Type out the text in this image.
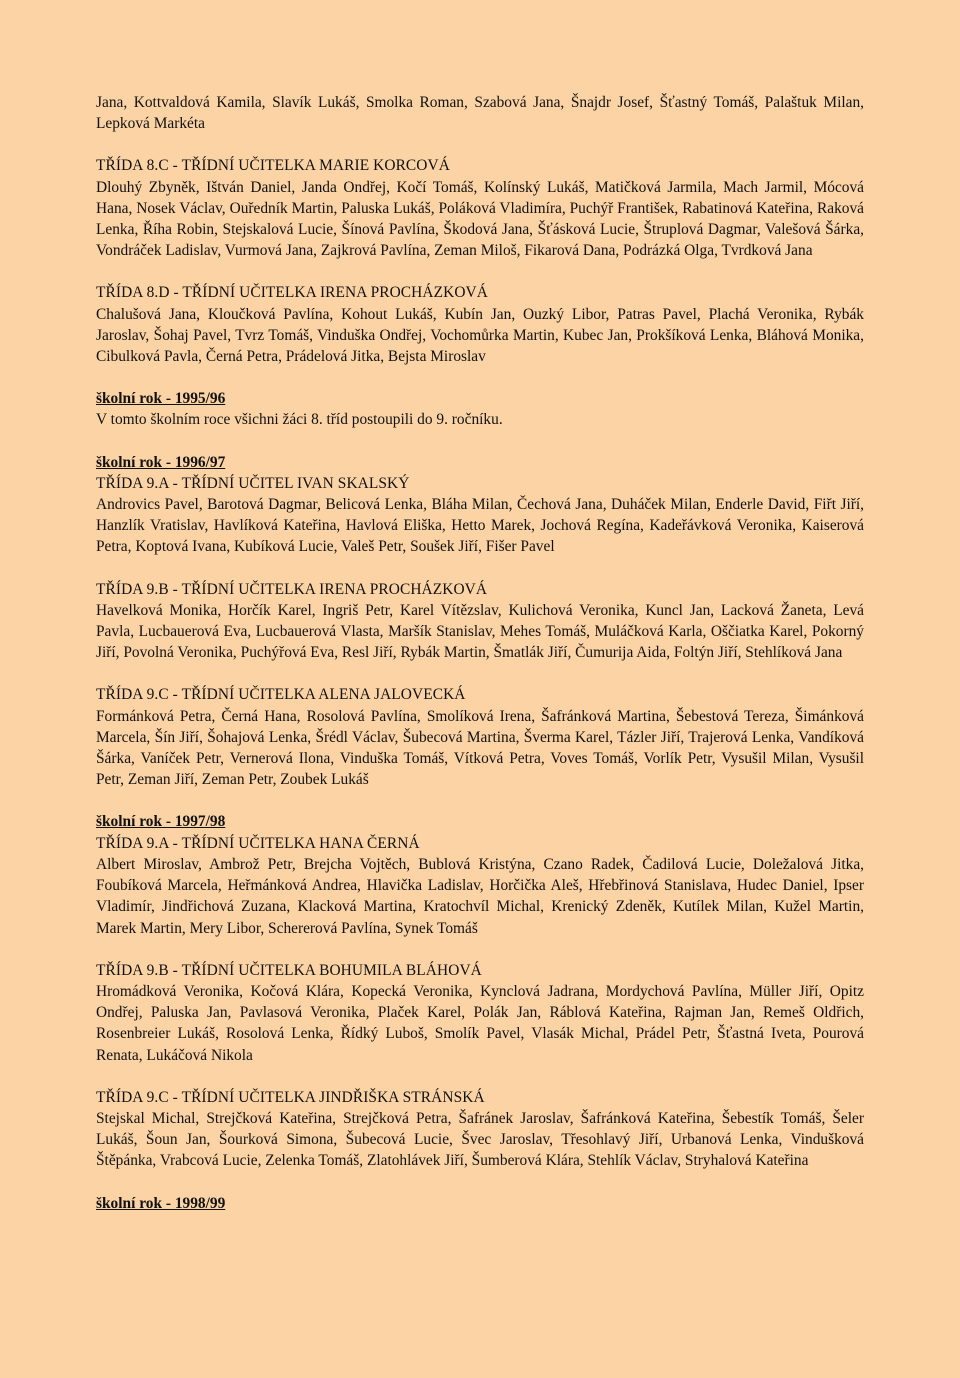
Jana, Kottvaldová Kamila, Slavík Lukáš, Smolka Roman, Szabová Jana, Šnajdr Josef, Šťastný Tomáš, Palaštuk Milan, Lepková Markéta

TŘÍDA 8.C - TŘÍDNÍ UČITELKA MARIE KORCOVÁ

Dlouhý Zbyněk, Ištván Daniel, Janda Ondřej, Kočí Tomáš, Kolínský Lukáš, Matičková Jarmila, Mach Jarmil, Mócová Hana, Nosek Václav, Ouředník Martin, Paluska Lukáš, Poláková Vladimíra, Puchýř František, Rabatinová Kateřina, Raková Lenka, Říha Robin, Stejskalová Lucie, Šínová Pavlína, Škodová Jana, Šťásková Lucie, Štruplová Dagmar, Valešová Šárka, Vondráček Ladislav, Vurmová Jana, Zajkrová Pavlína, Zeman Miloš, Fikarová Dana, Podrázká Olga, Tvrdková Jana

TŘÍDA 8.D - TŘÍDNÍ UČITELKA IRENA PROCHÁZKOVÁ

Chalušová Jana, Kloučková Pavlína, Kohout Lukáš, Kubín Jan, Ouzký Libor, Patras Pavel, Plachá Veronika, Rybák Jaroslav, Šohaj Pavel, Tvrz Tomáš, Vinduška Ondřej, Vochomůrka Martin, Kubec Jan, Prokšíková Lenka, Bláhová Monika, Cibulková Pavla, Černá Petra, Prádelová Jitka, Bejsta Miroslav

školní rok - 1995/96

V tomto školním roce všichni žáci 8. tříd postoupili do 9. ročníku.

školní rok - 1996/97

TŘÍDA 9.A - TŘÍDNÍ UČITEL IVAN SKALSKÝ

Androvics Pavel, Barotová Dagmar, Belicová Lenka, Bláha Milan, Čechová Jana, Duháček Milan, Enderle David, Fiřt Jiří, Hanzlík Vratislav, Havlíková Kateřina, Havlová Eliška, Hetto Marek, Jochová Regína, Kadeřávková Veronika, Kaiserová Petra, Koptová Ivana, Kubíková Lucie, Valeš Petr, Soušek Jiří, Fišer Pavel

TŘÍDA 9.B - TŘÍDNÍ UČITELKA IRENA PROCHÁZKOVÁ

Havelková Monika, Horčík Karel, Ingriš Petr, Karel Vítězslav, Kulichová Veronika, Kuncl Jan, Lacková Žaneta, Levá Pavla, Lucbauerová Eva, Lucbauerová Vlasta, Maršík Stanislav, Mehes Tomáš, Muláčková Karla, Oščiatka Karel, Pokorný Jiří, Povolná Veronika, Puchýřová Eva, Resl Jiří, Rybák Martin, Šmatlák Jiří, Čumurija Aida, Foltýn Jiří, Stehlíková Jana

TŘÍDA 9.C - TŘÍDNÍ UČITELKA ALENA JALOVECKÁ

Formánková Petra, Černá Hana, Rosolová Pavlína, Smolíková Irena, Šafránková Martina, Šebestová Tereza, Šimánková Marcela, Šín Jiří, Šohajová Lenka, Šrédl Václav, Šubecová Martina, Šverma Karel, Tázler Jiří, Trajerová Lenka, Vandíková Šárka, Vaníček Petr, Vernerová Ilona, Vinduška Tomáš, Vítková Petra, Voves Tomáš, Vorlík Petr, Vysušil Milan, Vysušil Petr, Zeman Jiří, Zeman Petr, Zoubek Lukáš

školní rok - 1997/98

TŘÍDA 9.A - TŘÍDNÍ UČITELKA HANA ČERNÁ

Albert Miroslav, Ambrož Petr, Brejcha Vojtěch, Bublová Kristýna, Czano Radek, Čadilová Lucie, Doležalová Jitka, Foubíková Marcela, Heřmánková Andrea, Hlavička Ladislav, Horčička Aleš, Hřebřinová Stanislava, Hudec Daniel, Ipser Vladimír, Jindřichová Zuzana, Klacková Martina, Kratochvíl Michal, Krenický Zdeněk, Kutílek Milan, Kužel Martin, Marek Martin, Mery Libor, Schererová Pavlína, Synek Tomáš

TŘÍDA 9.B - TŘÍDNÍ UČITELKA BOHUMILA BLÁHOVÁ

Hromádková Veronika, Kočová Klára, Kopecká Veronika, Kynclová Jadrana, Mordychová Pavlína, Müller Jiří, Opitz Ondřej, Paluska Jan, Pavlasová Veronika, Plaček Karel, Polák Jan, Ráblová Kateřina, Rajman Jan, Remeš Oldřich, Rosenbreier Lukáš, Rosolová Lenka, Řídký Luboš, Smolík Pavel, Vlasák Michal, Prádel Petr, Šťastná Iveta, Pourová Renata, Lukáčová Nikola

TŘÍDA 9.C - TŘÍDNÍ UČITELKA JINDŘIŠKA STRÁNSKÁ

Stejskal Michal, Strejčková Kateřina, Strejčková Petra, Šafránek Jaroslav, Šafránková Kateřina, Šebestík Tomáš, Šeler Lukáš, Šoun Jan, Šourková Simona, Šubecová Lucie, Švec Jaroslav, Třesohlavý Jiří, Urbanová Lenka, Vindušková Štěpánka, Vrabcová Lucie, Zelenka Tomáš, Zlatohlávek Jiří, Šumberová Klára, Stehlík Václav, Stryhalová Kateřina

školní rok - 1998/99
